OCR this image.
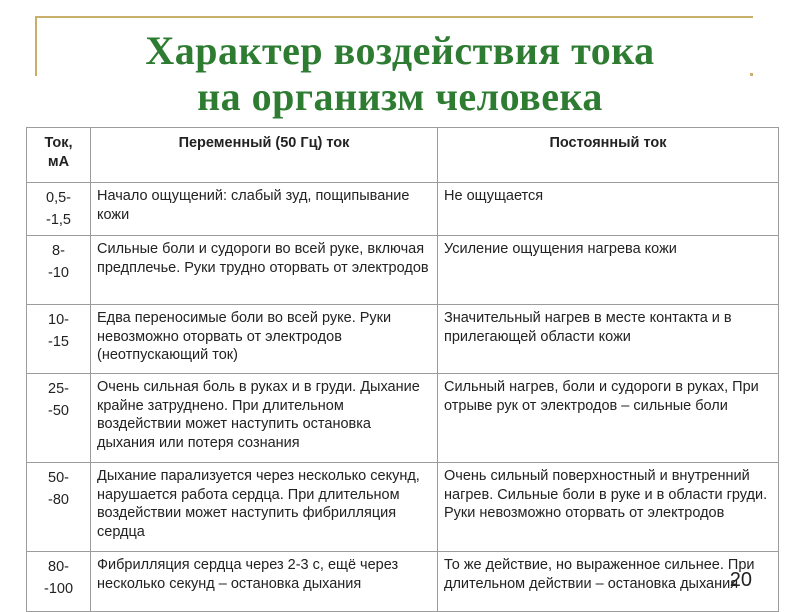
Характер воздействия тока
на организм человека
Ток, мА	Переменный (50 Гц) ток	Постоянный ток

0,5-
-1,5	Начало ощущений: слабый зуд, пощипывание кожи	Не ощущается

8-
-10	Сильные боли и судороги во всей руке, включая предплечье. Руки трудно оторвать от электродов	Усиление ощущения нагрева кожи

10-
-15	Едва переносимые боли во всей руке. Руки невозможно оторвать от электродов (неотпускающий ток)	Значительный нагрев в месте контакта и в прилегающей области кожи

25-
-50	Очень сильная боль в руках и в груди. Дыхание крайне затруднено. При длительном воздействии может наступить остановка дыхания или потеря сознания	Сильный нагрев, боли и судороги в руках, При отрыве рук от электродов – сильные боли

50-
-80	Дыхание парализуется через несколько секунд, нарушается работа сердца. При длительном воздействии может наступить фибрилляция сердца	Очень сильный поверхностный и внутренний нагрев. Сильные боли в руке и в области груди. Руки невозможно оторвать от электродов

80-
-100	Фибрилляция сердца через 2-3 с, ещё через несколько секунд – остановка дыхания	То же действие, но выраженное сильнее. При длительном действии – остановка дыхания
20
